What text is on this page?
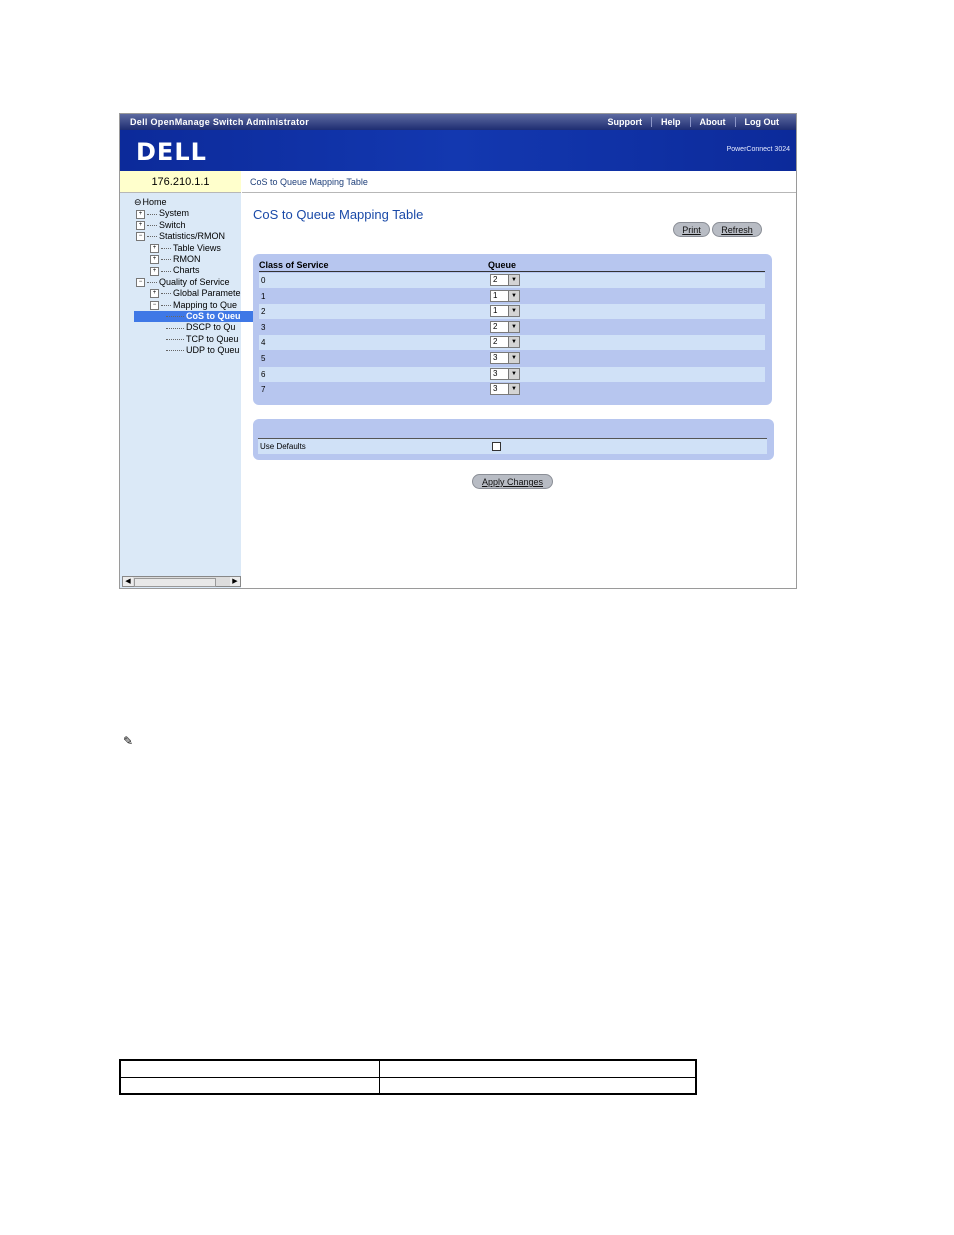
Dell OpenManage Switch Administrator	Support	Help	About	Log Out
DELL	PowerConnect 3024
176.210.1.1
⊖Home
+ System
+ Switch
− Statistics/RMON
+ Table Views
+ RMON
+ Charts
− Quality of Service
+ Global Paramete
− Mapping to Que
CoS to Queu
DSCP to Qu
TCP to Queu
UDP to Queu
◀	▶
CoS to Queue Mapping Table
CoS to Queue Mapping Table
Print	Refresh
Class of Service	Queue
0	2	▼
1	1	▼
2	1	▼
3	2	▼
4	2	▼
5	3	▼
6	3	▼
7	3	▼
Use Defaults
Apply Changes
✎
